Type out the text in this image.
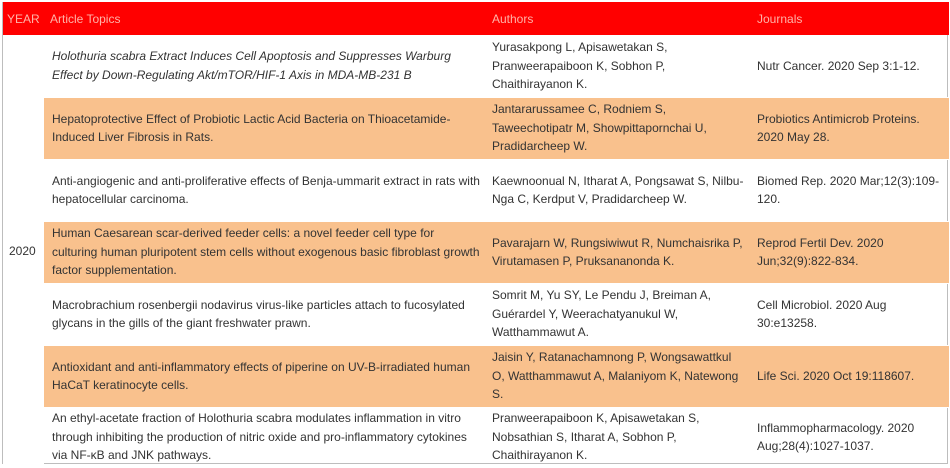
YEAR	Article Topics	Authors	Journals
2020	Holothuria scabra Extract Induces Cell Apoptosis and Suppresses Warburg Effect by Down-Regulating Akt/mTOR/HIF-1 Axis in MDA-MB-231 B	Yurasakpong L, Apisawetakan S, Pranweerapaiboon K, Sobhon P, Chaithirayanon K.	Nutr Cancer. 2020 Sep 3:1-12.
	Hepatoprotective Effect of Probiotic Lactic Acid Bacteria on Thioacetamide-Induced Liver Fibrosis in Rats.	Jantararussamee C, Rodniem S, Taweechotipatr M, Showpittapornchai U, Pradidarcheep W.	Probiotics Antimicrob Proteins. 2020 May 28.
	Anti-angiogenic and anti-proliferative effects of Benja-ummarit extract in rats with hepatocellular carcinoma.	Kaewnoonual N, Itharat A, Pongsawat S, Nilbu-Nga C, Kerdput V, Pradidarcheep W.	Biomed Rep. 2020 Mar;12(3):109-120.
	Human Caesarean scar-derived feeder cells: a novel feeder cell type for culturing human pluripotent stem cells without exogenous basic fibroblast growth factor supplementation.	Pavarajarn W, Rungsiwiwut R, Numchaisrika P, Virutamasen P, Pruksananonda K.	Reprod Fertil Dev. 2020 Jun;32(9):822-834.
	Macrobrachium rosenbergii nodavirus virus-like particles attach to fucosylated glycans in the gills of the giant freshwater prawn.	Somrit M, Yu SY, Le Pendu J, Breiman A, Guérardel Y, Weerachatyanukul W, Watthammawut A.	Cell Microbiol. 2020 Aug 30:e13258.
	Antioxidant and anti-inflammatory effects of piperine on UV-B-irradiated human HaCaT keratinocyte cells.	Jaisin Y, Ratanachamnong P, Wongsawattkul O, Watthammawut A, Malaniyom K, Natewong S.	Life Sci. 2020 Oct 19:118607.
	An ethyl-acetate fraction of Holothuria scabra modulates inflammation in vitro through inhibiting the production of nitric oxide and pro-inflammatory cytokines via NF-κB and JNK pathways.	Pranweerapaiboon K, Apisawetakan S, Nobsathian S, Itharat A, Sobhon P, Chaithirayanon K.	Inflammopharmacology. 2020 Aug;28(4):1027-1037.
